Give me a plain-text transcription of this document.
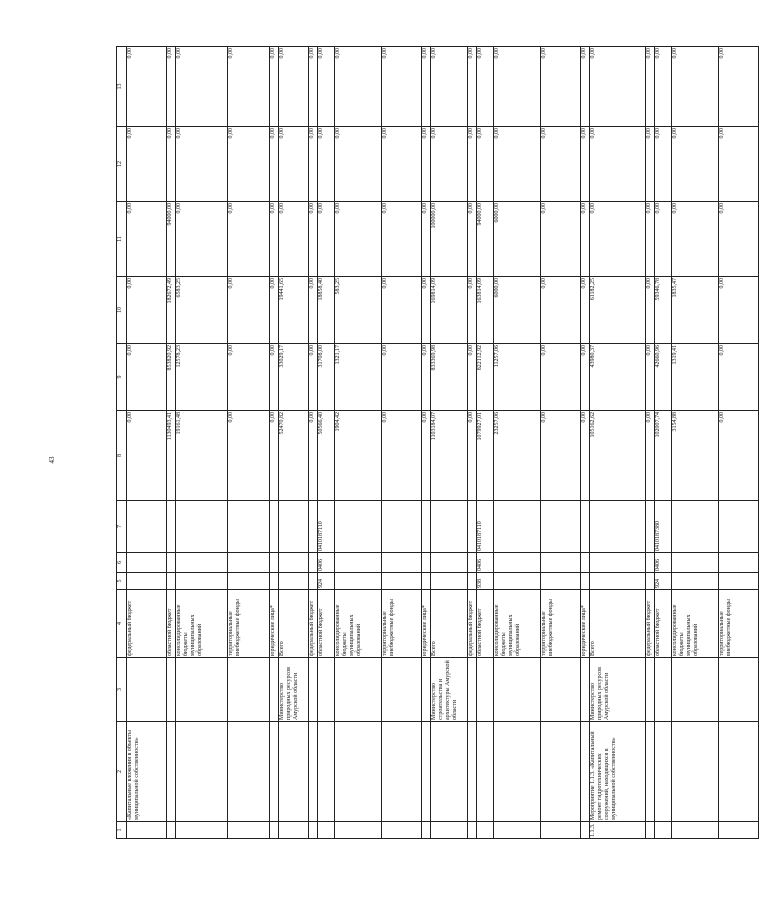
43
1	2	3	4	5	6	7	8	9	10	11	12	13
	«Капитальные вложения в объекты муниципальной собственности»		федеральный бюджет				0,00	0,00	0,00	0,00	0,00	0,00
			областной бюджет				1130493,41	853820,92	182672,49	94000,00	0,00	0,00
			консолидированные бюджеты муниципальных образований				19161,48	12578,23	6583,25	0,00	0,00	0,00
			территориальные внебюджетные фонды				0,00	0,00	0,00	0,00	0,00	0,00
			юридические лица*				0,00	0,00	0,00	0,00	0,00	0,00
		Министерство природных ресурсов Амурской области	Всего				52470,82	33029,17	19441,65	0,00	0,00	0,00
			федеральный бюджет				0,00	0,00	0,00	0,00	0,00	0,00
			областной бюджет	924	0406	0410187110	50566,40	31708,00	18858,40	0,00	0,00	0,00
			консолидированные бюджеты муниципальных образований				1904,42	1321,17	583,25	0,00	0,00	0,00
			территориальные внебюджетные фонды				0,00	0,00	0,00	0,00	0,00	0,00
			юридические лица*				0,00	0,00	0,00	0,00	0,00	0,00
		Министерство строительства и архитектуры Амурской области	Всего				1103184,07	833369,98	169814,09	100000,00	0,00	0,00
			федеральный бюджет				0,00	0,00	0,00	0,00	0,00	0,00
			областной бюджет	938	0406	0410187110	1079927,01	822112,92	163814,09	94000,00	0,00	0,00
			консолидированные бюджеты муниципальных образований				23257,06	11257,06	6000,00	6000,00	0,00	0,00
			территориальные внебюджетные фонды				0,00	0,00	0,00	0,00	0,00	0,00
			юридические лица*				0,00	0,00	0,00	0,00	0,00	0,00
1.1.3.	Мероприятие 1.1.3. «Капитальный ремонт гидротехнических сооружений, находящихся в муниципальной собственности»	Министерство природных ресурсов Амурской области	Всего				105162,62	43980,37	61182,25	0,00	0,00	0,00
			федеральный бюджет				0,00	0,00	0,00	0,00	0,00	0,00
			областной бюджет	924	0406	0410187380	102007,74	42660,96	59346,78	0,00	0,00	0,00
			консолидированные бюджеты муниципальных образований				3154,88	1319,41	1835,47	0,00	0,00	0,00
			территориальные внебюджетные фонды				0,00	0,00	0,00	0,00	0,00	0,00
